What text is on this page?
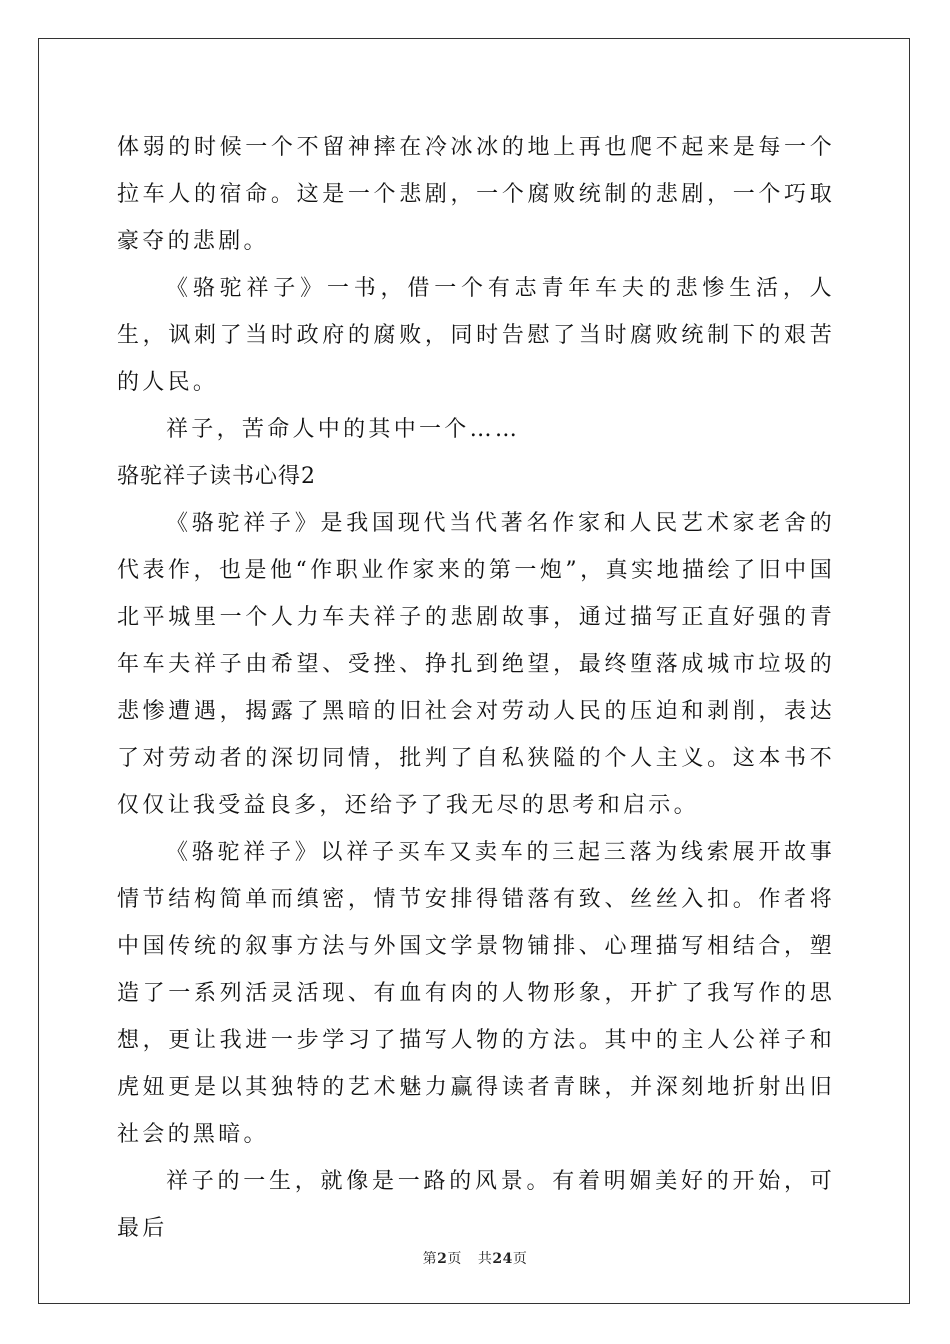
体弱的时候一个不留神摔在冷冰冰的地上再也爬不起来是每一个拉车人的宿命。这是一个悲剧，一个腐败统制的悲剧，一个巧取豪夺的悲剧。

《骆驼祥子》一书，借一个有志青年车夫的悲惨生活，人生，讽刺了当时政府的腐败，同时告慰了当时腐败统制下的艰苦的人民。

祥子，苦命人中的其中一个……

骆驼祥子读书心得2

《骆驼祥子》是我国现代当代著名作家和人民艺术家老舍的代表作，也是他“作职业作家来的第一炮”，真实地描绘了旧中国北平城里一个人力车夫祥子的悲剧故事，通过描写正直好强的青年车夫祥子由希望、受挫、挣扎到绝望，最终堕落成城市垃圾的悲惨遭遇，揭露了黑暗的旧社会对劳动人民的压迫和剥削，表达了对劳动者的深切同情，批判了自私狭隘的个人主义。这本书不仅仅让我受益良多，还给予了我无尽的思考和启示。

《骆驼祥子》以祥子买车又卖车的三起三落为线索展开故事情节结构简单而缜密，情节安排得错落有致、丝丝入扣。作者将中国传统的叙事方法与外国文学景物铺排、心理描写相结合，塑造了一系列活灵活现、有血有肉的人物形象，开扩了我写作的思想，更让我进一步学习了描写人物的方法。其中的主人公祥子和虎妞更是以其独特的艺术魅力赢得读者青睐，并深刻地折射出旧社会的黑暗。

祥子的一生，就像是一路的风景。有着明媚美好的开始，可最后

第2页 共24页
